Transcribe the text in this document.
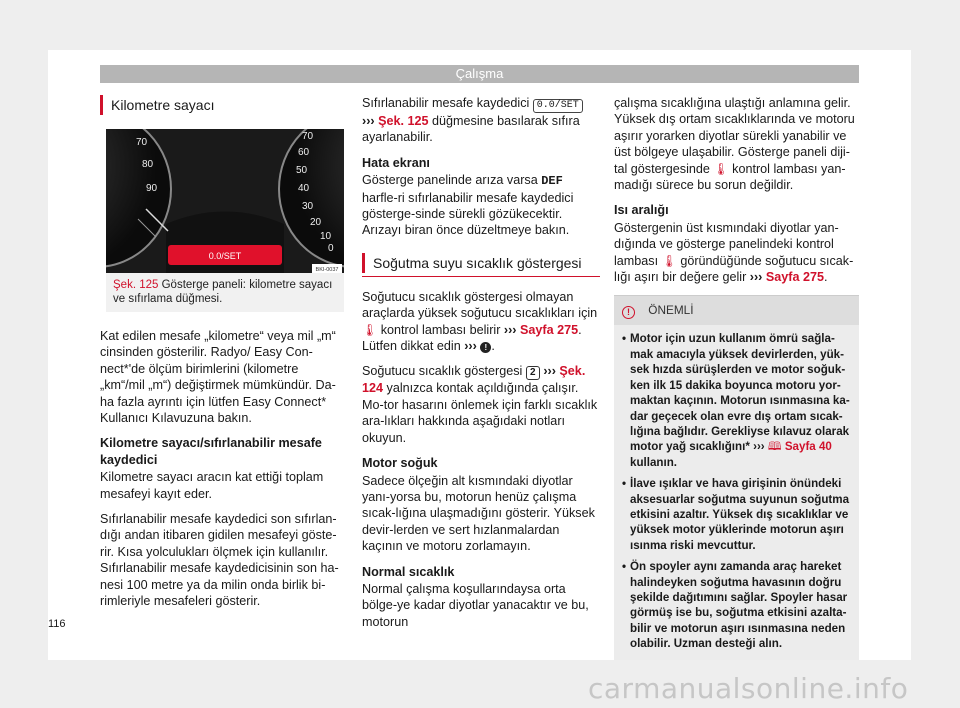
Çalışma
Kilometre sayacı
0.0/SET
70
80
90
70
60
50
40
30
20
10
0
BKI-0037
Şek. 125 Gösterge paneli: kilometre sayacı ve sıfırlama düğmesi.

Kat edilen mesafe „kilometre“ veya mil „m“ cinsinden gösterilir. Radyo/ Easy Con-nect*'de ölçüm birimlerini (kilometre „km“/mil „m“) değiştirmek mümkündür. Da-ha fazla ayrıntı için lütfen Easy Connect* Kullanıcı Kılavuzuna bakın.

Kilometre sayacı/sıfırlanabilir mesafe kaydedici

Kilometre sayacı aracın kat ettiği toplam mesafeyi kayıt eder.

Sıfırlanabilir mesafe kaydedici son sıfırlan-dığı andan itibaren gidilen mesafeyi göste-rir. Kısa yolculukları ölçmek için kullanılır. Sıfırlanabilir mesafe kaydedicisinin son ha-nesi 100 metre ya da milin onda birlik bi-rimleriyle mesafeleri gösterir.

Sıfırlanabilir mesafe kaydedici 0.0/SET
››› Şek. 125 düğmesine basılarak sıfıra ayarlanabilir.

Hata ekranı

Gösterge panelinde arıza varsa DEF harfle-ri sıfırlanabilir mesafe kaydedici gösterge-sinde sürekli gözükecektir. Arızayı biran önce düzeltmeye bakın.

Soğutma suyu sıcaklık göstergesi

Soğutucu sıcaklık göstergesi olmayan araçlarda yüksek soğutucu sıcaklıkları için 🌡 kontrol lambası belirir ››› Sayfa 275. Lütfen dikkat edin ››› ! .

Soğutucu sıcaklık göstergesi 2 ››› Şek. 124 yalnızca kontak açıldığında çalışır. Mo-tor hasarını önlemek için farklı sıcaklık ara-lıkları hakkında aşağıdaki notları okuyun.

Motor soğuk

Sadece ölçeğin alt kısmındaki diyotlar yanı-yorsa bu, motorun henüz çalışma sıcak-lığına ulaşmadığını gösterir. Yüksek devir-lerden ve sert hızlanmalardan kaçının ve motoru zorlamayın.

Normal sıcaklık

Normal çalışma koşullarındaysa orta bölge-ye kadar diyotlar yanacaktır ve bu, motorun

çalışma sıcaklığına ulaştığı anlamına gelir. Yüksek dış ortam sıcaklıklarında ve motoru aşırır yorarken diyotlar sürekli yanabilir ve üst bölgeye ulaşabilir. Gösterge paneli diji-tal göstergesinde 🌡 kontrol lambası yan-madığı sürece bu sorun değildir.

Isı aralığı

Göstergenin üst kısmındaki diyotlar yan-dığında ve gösterge panelindeki kontrol lambası 🌡 göründüğünde soğutucu sıcak-lığı aşırı bir değere gelir ››› Sayfa 275.

! ÖNEMLİ
• Motor için uzun kullanım ömrü sağla-mak amacıyla yüksek devirlerden, yük-sek hızda sürüşlerden ve motor soğuk-ken ilk 15 dakika boyunca motoru yor-maktan kaçının. Motorun ısınmasına ka-dar geçecek olan evre dış ortam sıcak-lığına bağlıdır. Gerekliyse kılavuz olarak motor yağ sıcaklığını* ››› 🕮 Sayfa 40 kullanın.
• İlave ışıklar ve hava girişinin önündeki aksesuarlar soğutma suyunun soğutma etkisini azaltır. Yüksek dış sıcaklıklar ve yüksek motor yüklerinde motorun aşırı ısınma riski mevcuttur.
• Ön spoyler aynı zamanda araç hareket halindeyken soğutma havasının doğru şekilde dağıtımını sağlar. Spoyler hasar görmüş ise bu, soğutma etkisini azalta-bilir ve motorun aşırı ısınmasına neden olabilir. Uzman desteği alın.
116
carmanualsonline.info
